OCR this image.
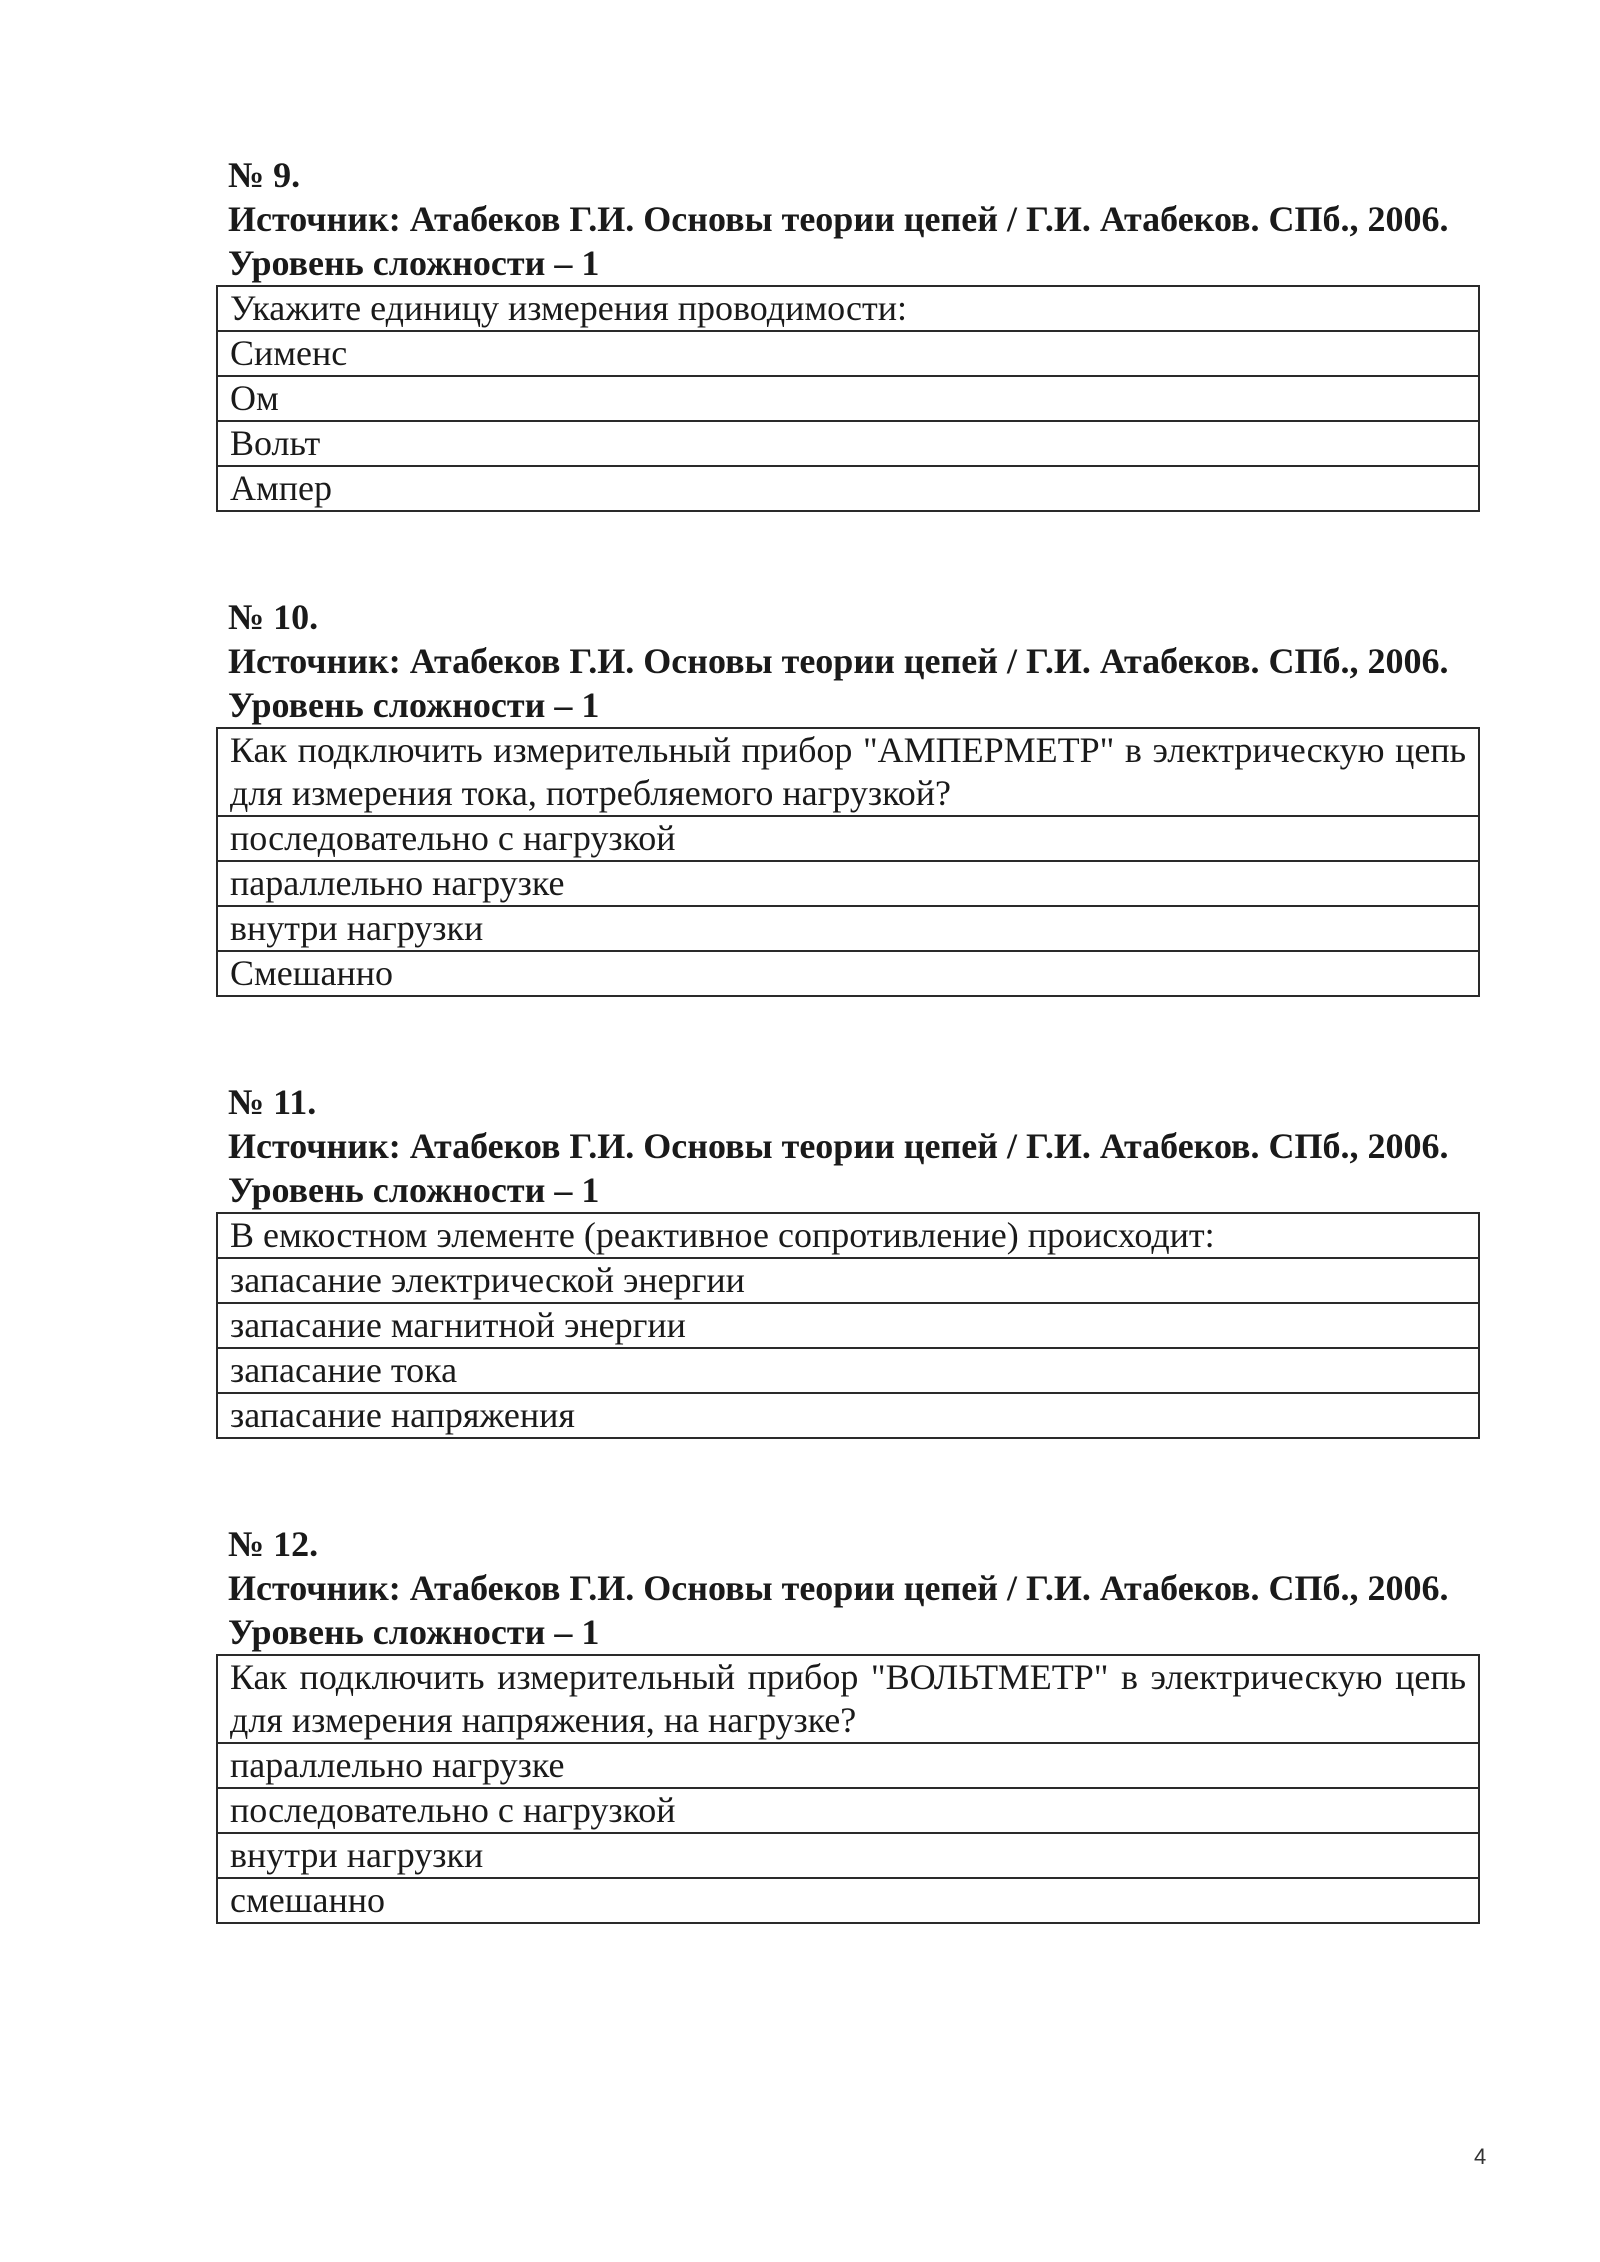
№ 9.

Источник: Атабеков Г.И. Основы теории цепей / Г.И. Атабеков. СПб., 2006.

Уровень сложности – 1

Укажите единицу измерения проводимости:
Сименс
Ом
Вольт
Ампер

№ 10.

Источник: Атабеков Г.И. Основы теории цепей / Г.И. Атабеков. СПб., 2006.

Уровень сложности – 1

Как подключить измерительный прибор "АМПЕРМЕТР" в электрическую цепь для измерения тока, потребляемого нагрузкой?
последовательно с нагрузкой
параллельно нагрузке
внутри нагрузки
Смешанно

№ 11.

Источник: Атабеков Г.И. Основы теории цепей / Г.И. Атабеков. СПб., 2006.

Уровень сложности – 1

В емкостном элементе (реактивное сопротивление) происходит:
запасание электрической энергии
запасание магнитной энергии
запасание тока
запасание напряжения

№ 12.

Источник: Атабеков Г.И. Основы теории цепей / Г.И. Атабеков. СПб., 2006.

Уровень сложности – 1

Как подключить измерительный прибор "ВОЛЬТМЕТР" в электрическую цепь для измерения напряжения, на нагрузке?
параллельно нагрузке
последовательно с нагрузкой
внутри нагрузки
смешанно
4
